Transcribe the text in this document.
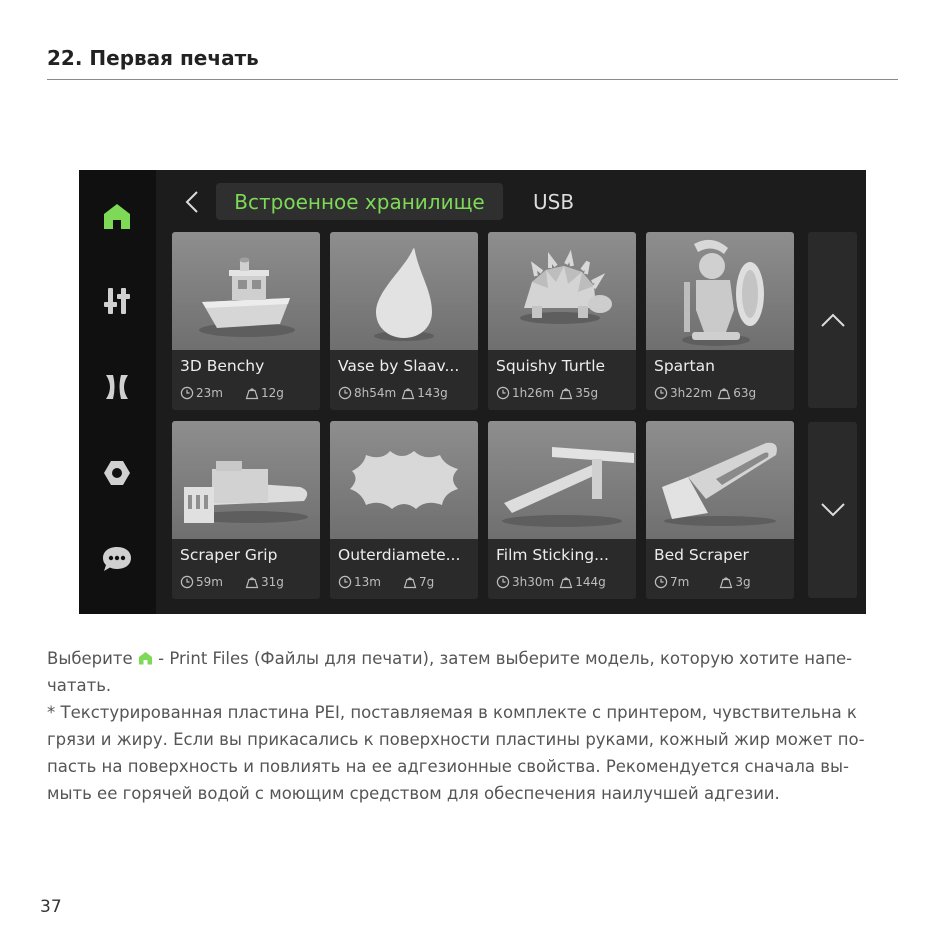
22. Первая печать
Встроенное хранилище	USB
3D Benchy
23m	12g
Vase by Slaav...
8h54m 143g
Squishy Turtle
1h26m 35g
Spartan
3h22m 63g
Scraper Grip
59m	31g
Outerdiamete...
13m	7g
Film Sticking...
3h30m 144g
Bed Scraper
7m	3g

Выберите  - Print Files (Файлы для печати), затем выберите модель, которую хотите напе-

чатать.

* Текстурированная пластина PEI, поставляемая в комплекте с принтером, чувствительна к

грязи и жиру. Если вы прикасались к поверхности пластины руками, кожный жир может по-

пасть на поверхность и повлиять на ее адгезионные свойства. Рекомендуется сначала вы-

мыть ее горячей водой с моющим средством для обеспечения наилучшей адгезии.

37
